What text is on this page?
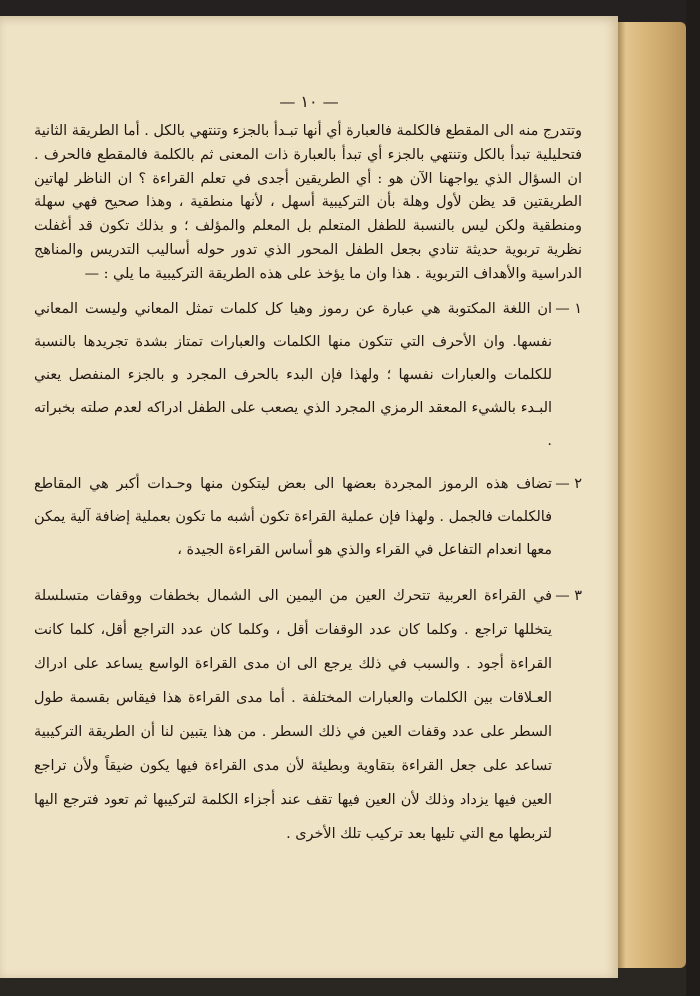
— ١٠ —

وتتدرج منه الى المقطع فالكلمة فالعبارة أي أنها تبـدأ بالجزء وتنتهي بالكل . أما الطريقة الثانية فتحليلية تبدأ بالكل وتنتهي بالجزء أي تبدأ بالعبارة ذات المعنى ثم بالكلمة فالمقطع فالحرف . ان السؤال الذي يواجهنا الآن هو : أي الطريقين أجدى في تعلم القراءة ؟ ان الناظر لهاتين الطريقتين قد يظن لأول وهلة بأن التركيبية أسهل ، لأنها منطقية ، وهذا صحيح فهي سهلة ومنطقية ولكن ليس بالنسبة للطفل المتعلم بل المعلم والمؤلف ؛ و بذلك تكون قد أغفلت نظرية تربوية حديثة تنادي بجعل الطفل المحور الذي تدور حوله أساليب التدريس والمناهج الدراسية والأهداف التربوية . هذا وان ما يؤخذ على هذه الطريقة التركيبية ما يلي : —

١ —
ان اللغة المكتوبة هي عبارة عن رموز وهيا كل كلمات تمثل المعاني وليست المعاني نفسها. وان الأحرف التي تتكون منها الكلمات والعبارات تمتاز بشدة تجريدها بالنسبة للكلمات والعبارات نفسها ؛ ولهذا فإن البدء بالحرف المجرد و بالجزء المنفصل يعني البـدء بالشيء المعقد الرمزي المجرد الذي يصعب على الطفل ادراكه لعدم صلته بخبراته .
٢ —
تضاف هذه الرموز المجردة بعضها الى بعض ليتكون منها وحـدات أكبر هي المقاطع فالكلمات فالجمل . ولهذا فإن عملية القراءة تكون أشبه ما تكون بعملية إضافة آلية يمكن معها انعدام التفاعل في القراء والذي هو أساس القراءة الجيدة ،
٣ —
في القراءة العربية تتحرك العين من اليمين الى الشمال بخطفات ووقفات متسلسلة يتخللها تراجع . وكلما كان عدد الوقفات أقل ، وكلما كان عدد التراجع أقل، كلما كانت القراءة أجود . والسبب في ذلك يرجع الى ان مدى القراءة الواسع يساعد على ادراك العـلاقات بين الكلمات والعبارات المختلفة . أما مدى القراءة هذا فيقاس بقسمة طول السطر على عدد وقفات العين في ذلك السطر . من هذا يتبين لنا أن الطريقة التركيبية تساعد على جعل القراءة بتقاوية وبطيئة لأن مدى القراءة فيها يكون ضيقاً ولأن تراجع العين فيها يزداد وذلك لأن العين فيها تقف عند أجزاء الكلمة لتركيبها ثم تعود فترجع اليها لتربطها مع التي تليها بعد تركيب تلك الأخرى .
